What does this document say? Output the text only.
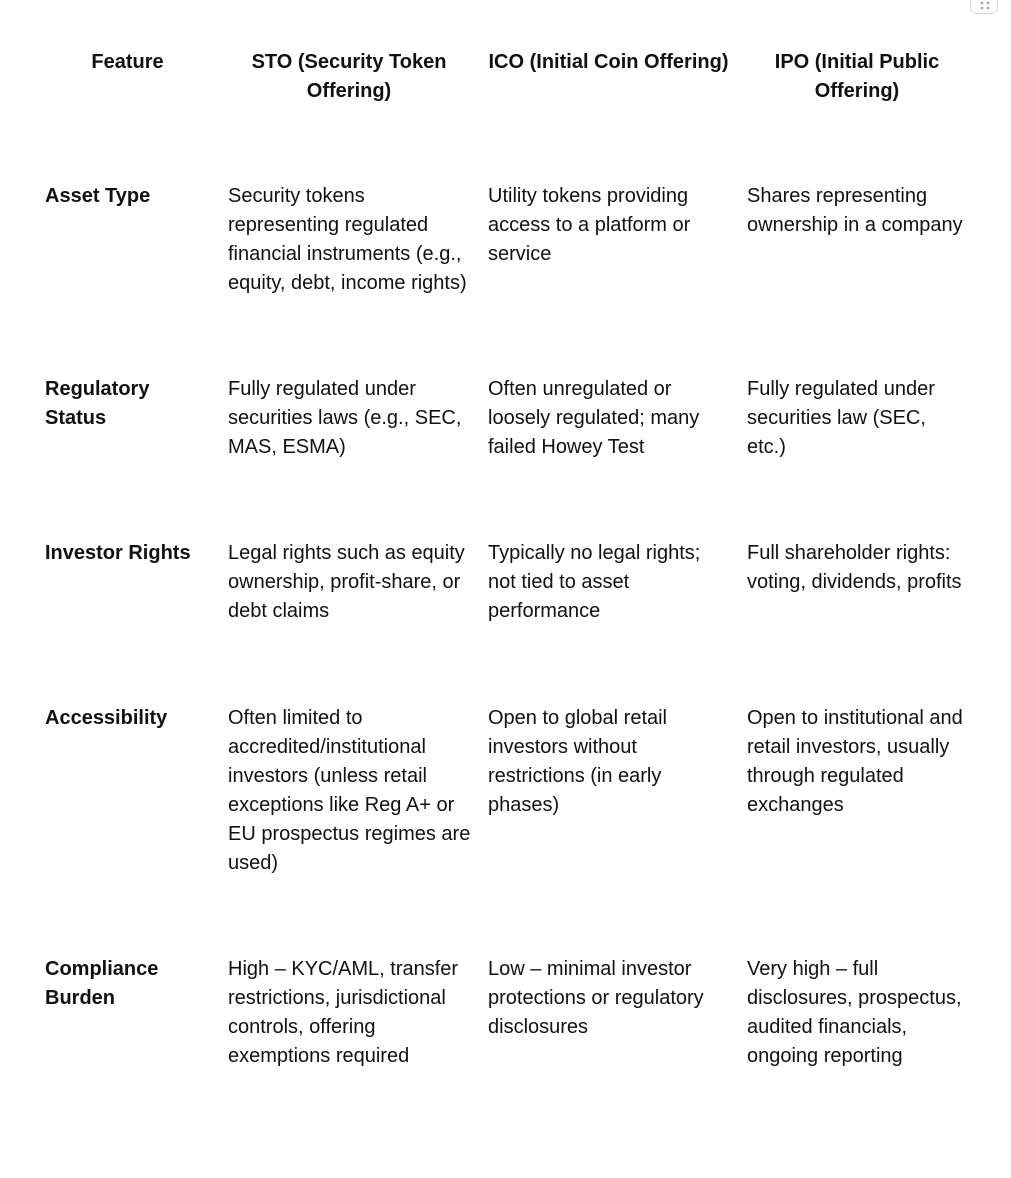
Feature	STO (Security Token Offering)	ICO (Initial Coin Offering)	IPO (Initial Public Offering)
Asset Type	Security tokens representing regulated financial instruments (e.g., equity, debt, income rights)	Utility tokens providing access to a platform or service	Shares representing ownership in a company
Regulatory Status	Fully regulated under securities laws (e.g., SEC, MAS, ESMA)	Often unregulated or loosely regulated; many failed Howey Test	Fully regulated under securities law (SEC, etc.)
Investor Rights	Legal rights such as equity ownership, profit-share, or debt claims	Typically no legal rights; not tied to asset performance	Full shareholder rights: voting, dividends, profits
Accessibility	Often limited to accredited/institutional investors (unless retail exceptions like Reg A+ or EU prospectus regimes are used)	Open to global retail investors without restrictions (in early phases)	Open to institutional and retail investors, usually through regulated exchanges
Compliance Burden	High – KYC/AML, transfer restrictions, jurisdictional controls, offering exemptions required	Low – minimal investor protections or regulatory disclosures	Very high – full disclosures, prospectus, audited financials, ongoing reporting
